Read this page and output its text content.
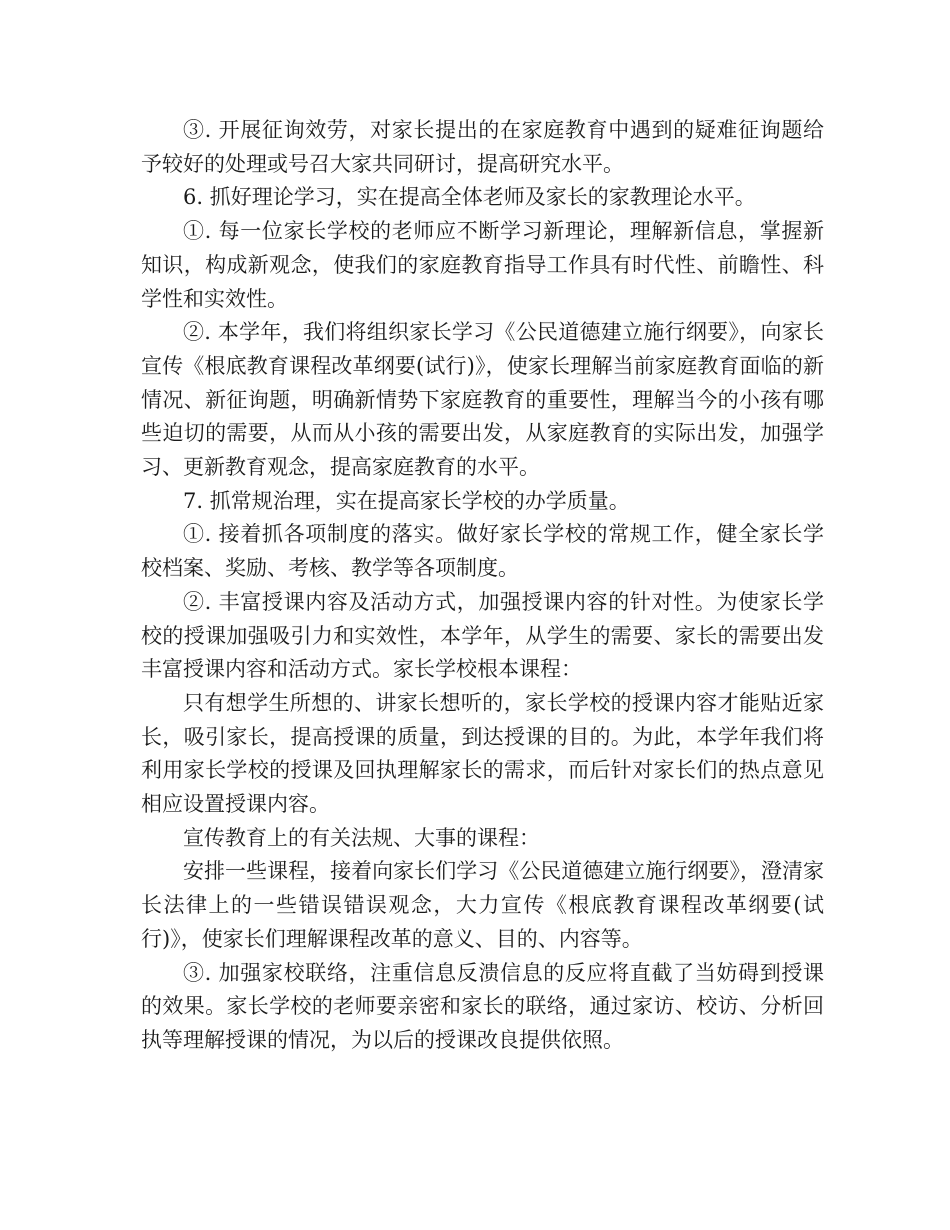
③. 开展征询效劳，对家长提出的在家庭教育中遇到的疑难征询题给予较好的处理或号召大家共同研讨，提高研究水平。

6. 抓好理论学习，实在提高全体老师及家长的家教理论水平。

①. 每一位家长学校的老师应不断学习新理论，理解新信息，掌握新知识，构成新观念，使我们的家庭教育指导工作具有时代性、前瞻性、科学性和实效性。

②. 本学年，我们将组织家长学习《公民道德建立施行纲要》，向家长宣传《根底教育课程改革纲要(试行)》，使家长理解当前家庭教育面临的新情况、新征询题，明确新情势下家庭教育的重要性，理解当今的小孩有哪些迫切的需要，从而从小孩的需要出发，从家庭教育的实际出发，加强学习、更新教育观念，提高家庭教育的水平。

7. 抓常规治理，实在提高家长学校的办学质量。

①. 接着抓各项制度的落实。做好家长学校的常规工作，健全家长学校档案、奖励、考核、教学等各项制度。

②. 丰富授课内容及活动方式，加强授课内容的针对性。为使家长学校的授课加强吸引力和实效性，本学年，从学生的需要、家长的需要出发丰富授课内容和活动方式。家长学校根本课程：

只有想学生所想的、讲家长想听的，家长学校的授课内容才能贴近家长，吸引家长，提高授课的质量，到达授课的目的。为此，本学年我们将利用家长学校的授课及回执理解家长的需求，而后针对家长们的热点意见相应设置授课内容。

宣传教育上的有关法规、大事的课程：

安排一些课程，接着向家长们学习《公民道德建立施行纲要》，澄清家长法律上的一些错误错误观念，大力宣传《根底教育课程改革纲要(试行)》，使家长们理解课程改革的意义、目的、内容等。

③. 加强家校联络，注重信息反溃信息的反应将直截了当妨碍到授课的效果。家长学校的老师要亲密和家长的联络，通过家访、校访、分析回执等理解授课的情况，为以后的授课改良提供依照。
